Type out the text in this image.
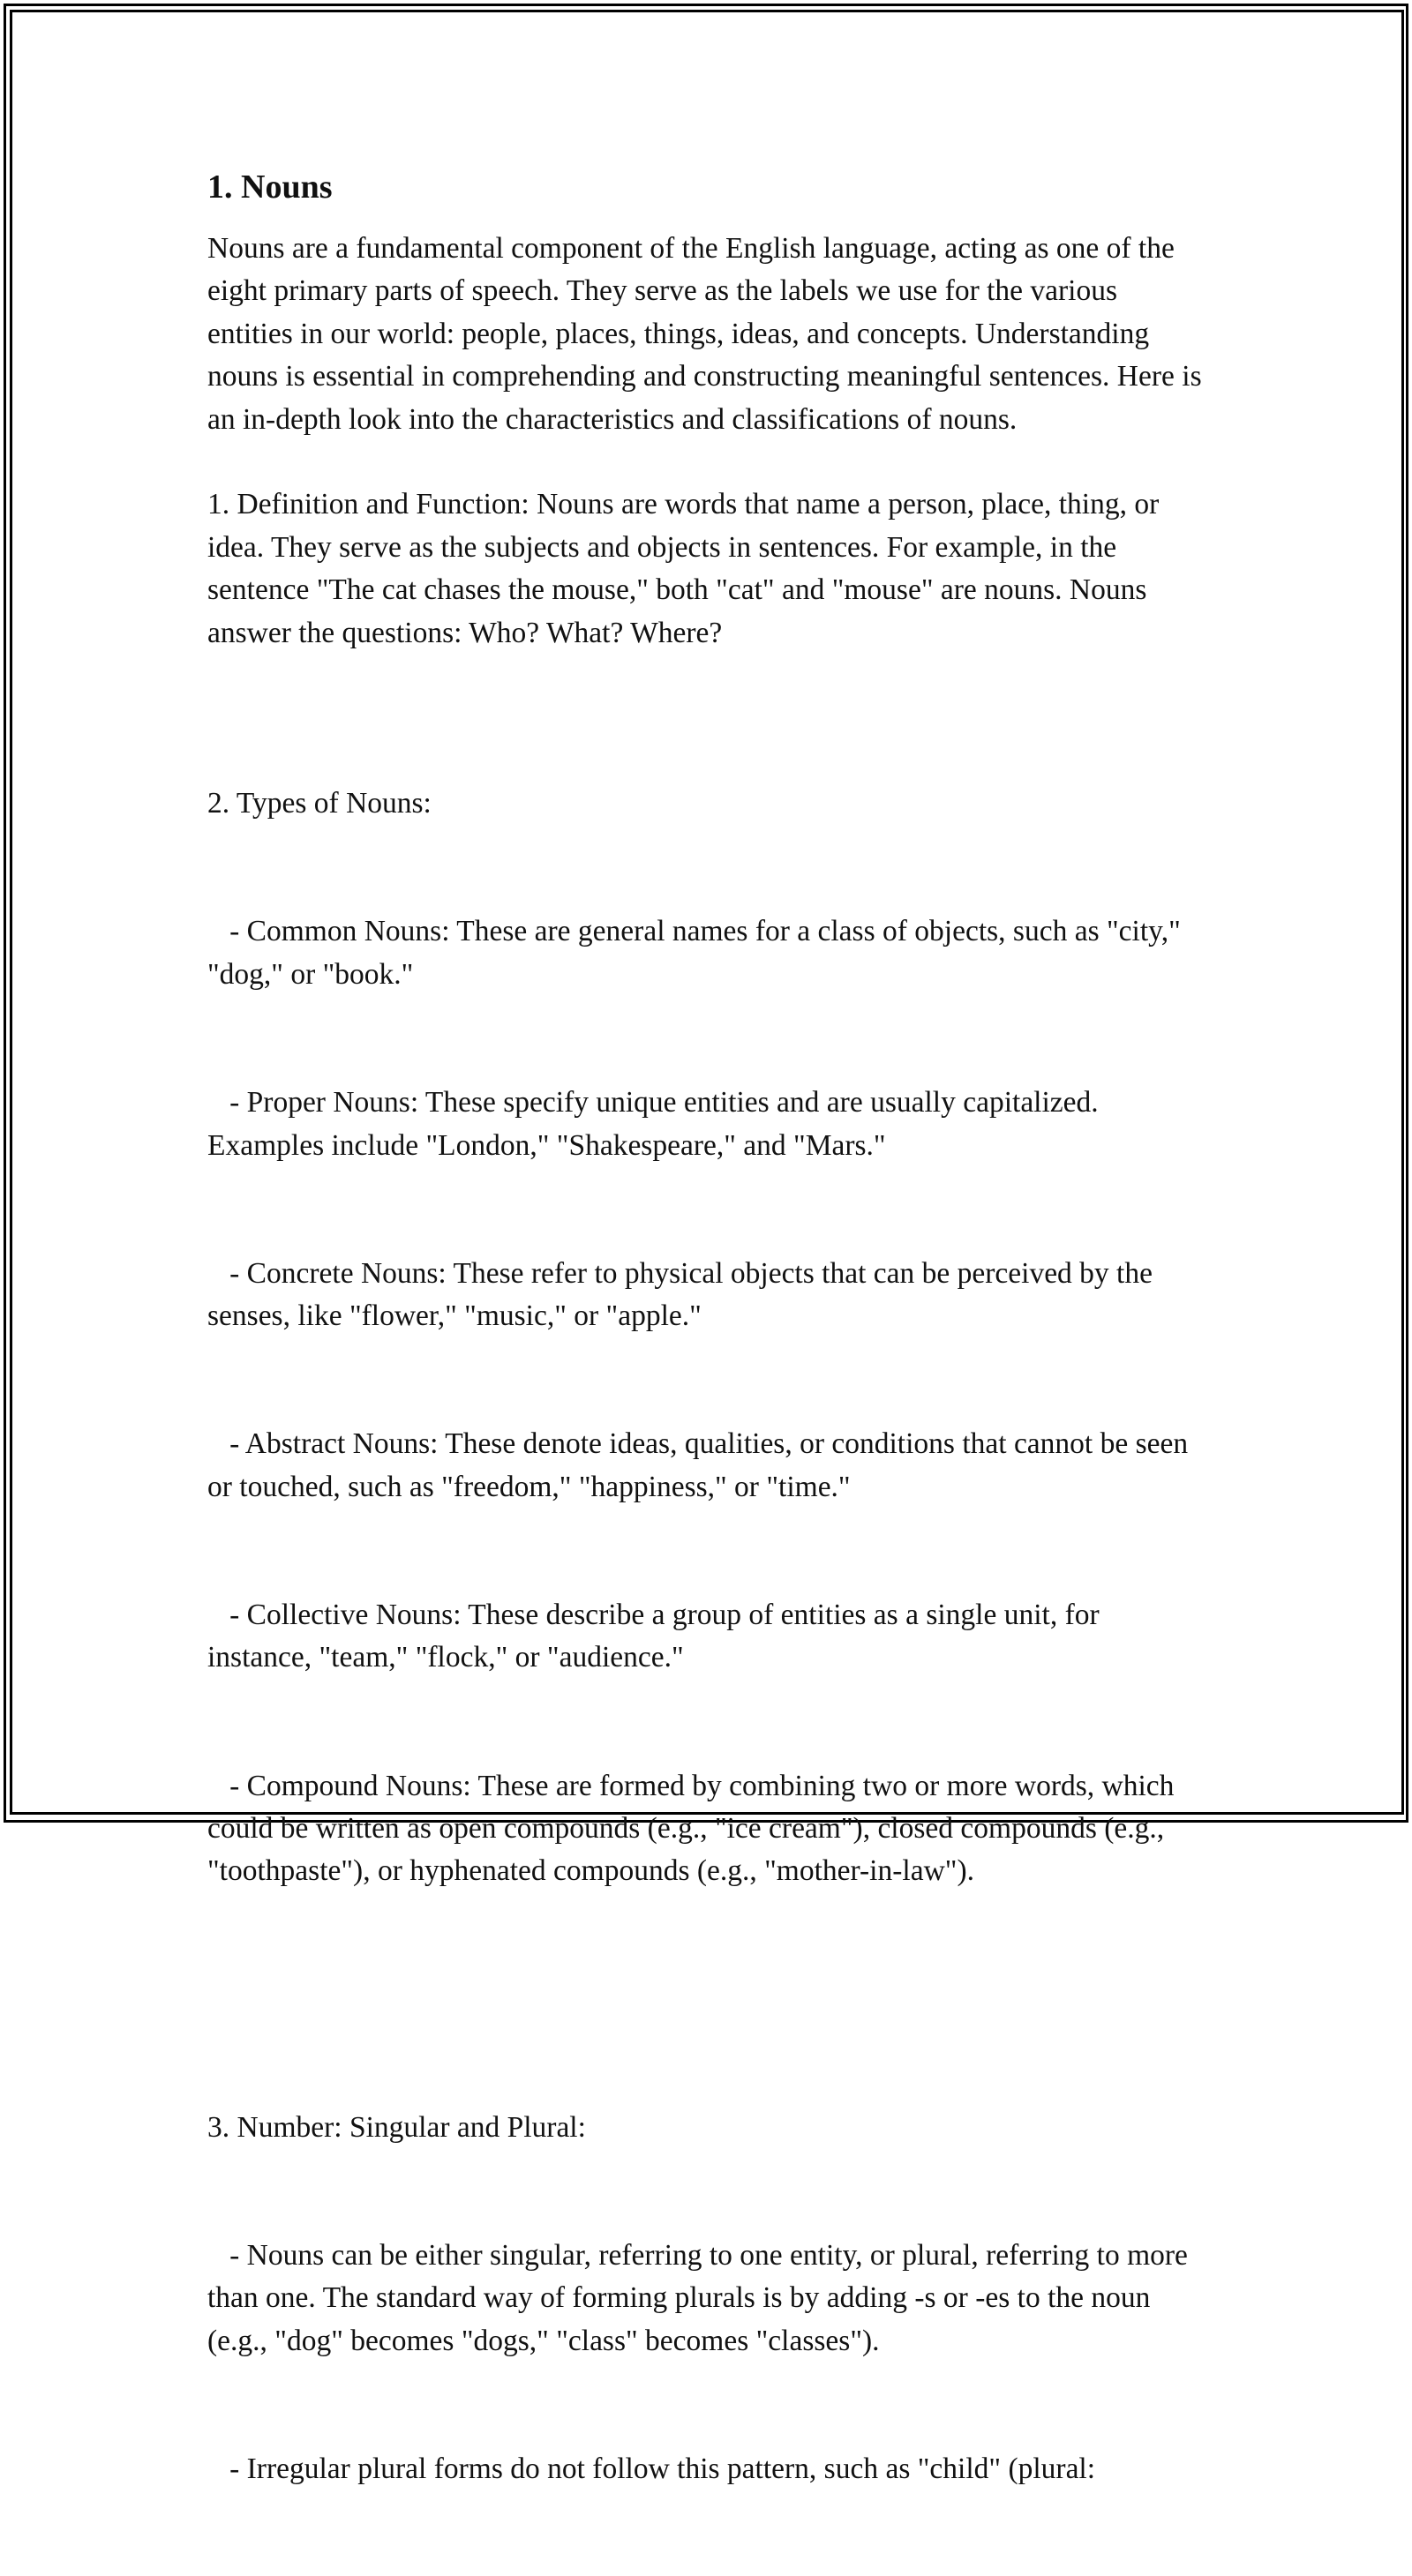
1. Nouns

Nouns are a fundamental component of the English language, acting as one of the eight primary parts of speech. They serve as the labels we use for the various entities in our world: people, places, things, ideas, and concepts. Understanding nouns is essential in comprehending and constructing meaningful sentences. Here is an in-depth look into the characteristics and classifications of nouns.

1. Definition and Function: Nouns are words that name a person, place, thing, or idea. They serve as the subjects and objects in sentences. For example, in the sentence "The cat chases the mouse," both "cat" and "mouse" are nouns. Nouns answer the questions: Who? What? Where?

2. Types of Nouns:

- Common Nouns: These are general names for a class of objects, such as "city," "dog," or "book."

- Proper Nouns: These specify unique entities and are usually capitalized. Examples include "London," "Shakespeare," and "Mars."

- Concrete Nouns: These refer to physical objects that can be perceived by the senses, like "flower," "music," or "apple."

- Abstract Nouns: These denote ideas, qualities, or conditions that cannot be seen or touched, such as "freedom," "happiness," or "time."

- Collective Nouns: These describe a group of entities as a single unit, for instance, "team," "flock," or "audience."

- Compound Nouns: These are formed by combining two or more words, which could be written as open compounds (e.g., "ice cream"), closed compounds (e.g., "toothpaste"), or hyphenated compounds (e.g., "mother-in-law").

3. Number: Singular and Plural:

- Nouns can be either singular, referring to one entity, or plural, referring to more than one. The standard way of forming plurals is by adding -s or -es to the noun (e.g., "dog" becomes "dogs," "class" becomes "classes").

- Irregular plural forms do not follow this pattern, such as "child" (plural:
